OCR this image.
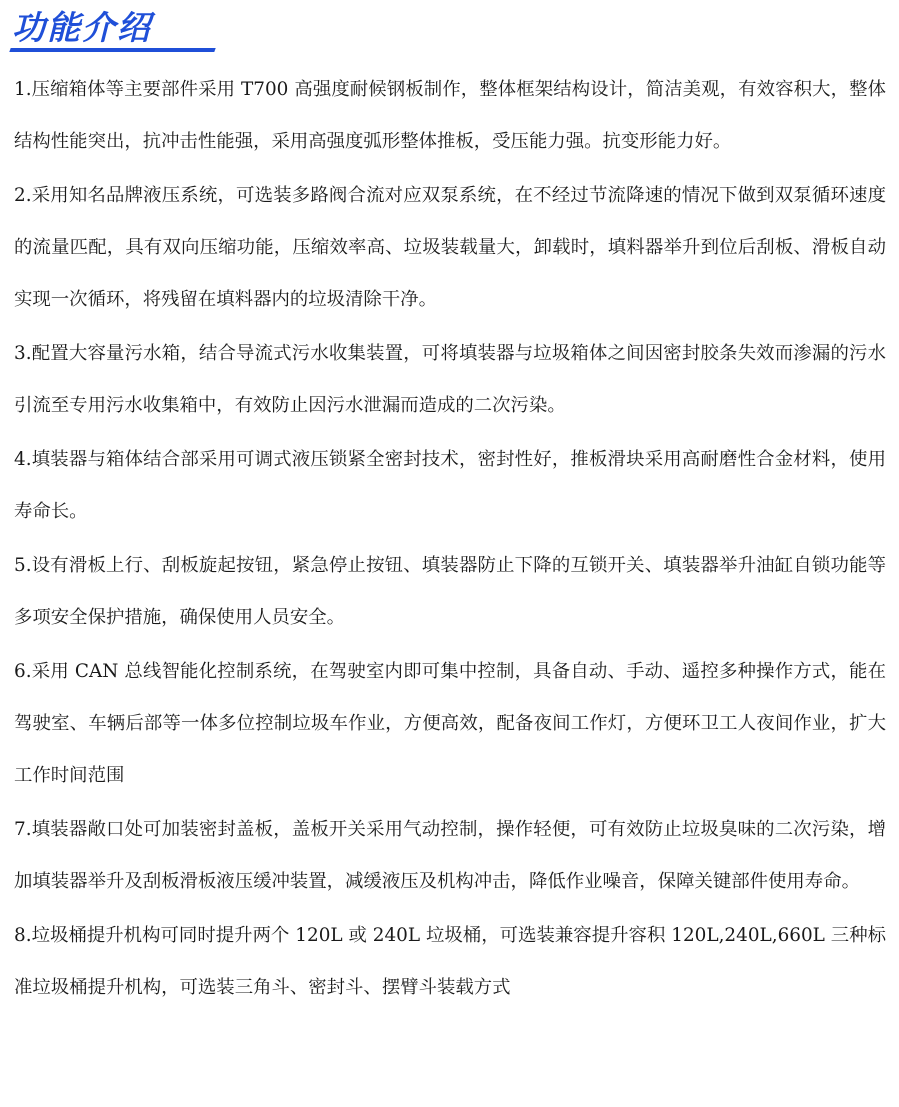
功能介绍

1.压缩箱体等主要部件采用 T700 高强度耐候钢板制作，整体框架结构设计，简洁美观，有效容积大，整体结构性能突出，抗冲击性能强，采用高强度弧形整体推板，受压能力强。抗变形能力好。

2.采用知名品牌液压系统，可选装多路阀合流对应双泵系统，在不经过节流降速的情况下做到双泵循环速度的流量匹配，具有双向压缩功能，压缩效率高、垃圾装载量大，卸载时，填料器举升到位后刮板、滑板自动实现一次循环，将残留在填料器内的垃圾清除干净。

3.配置大容量污水箱，结合导流式污水收集装置，可将填装器与垃圾箱体之间因密封胶条失效而渗漏的污水引流至专用污水收集箱中，有效防止因污水泄漏而造成的二次污染。

4.填装器与箱体结合部采用可调式液压锁紧全密封技术，密封性好，推板滑块采用高耐磨性合金材料，使用寿命长。

5.设有滑板上行、刮板旋起按钮，紧急停止按钮、填装器防止下降的互锁开关、填装器举升油缸自锁功能等多项安全保护措施，确保使用人员安全。

6.采用 CAN 总线智能化控制系统，在驾驶室内即可集中控制，具备自动、手动、遥控多种操作方式，能在驾驶室、车辆后部等一体多位控制垃圾车作业，方便高效，配备夜间工作灯，方便环卫工人夜间作业，扩大工作时间范围

7.填装器敞口处可加装密封盖板，盖板开关采用气动控制，操作轻便，可有效防止垃圾臭味的二次污染，增加填装器举升及刮板滑板液压缓冲装置，减缓液压及机构冲击，降低作业噪音，保障关键部件使用寿命。

8.垃圾桶提升机构可同时提升两个 120L 或 240L 垃圾桶，可选装兼容提升容积 120L,240L,660L 三种标准垃圾桶提升机构，可选装三角斗、密封斗、摆臂斗装载方式
